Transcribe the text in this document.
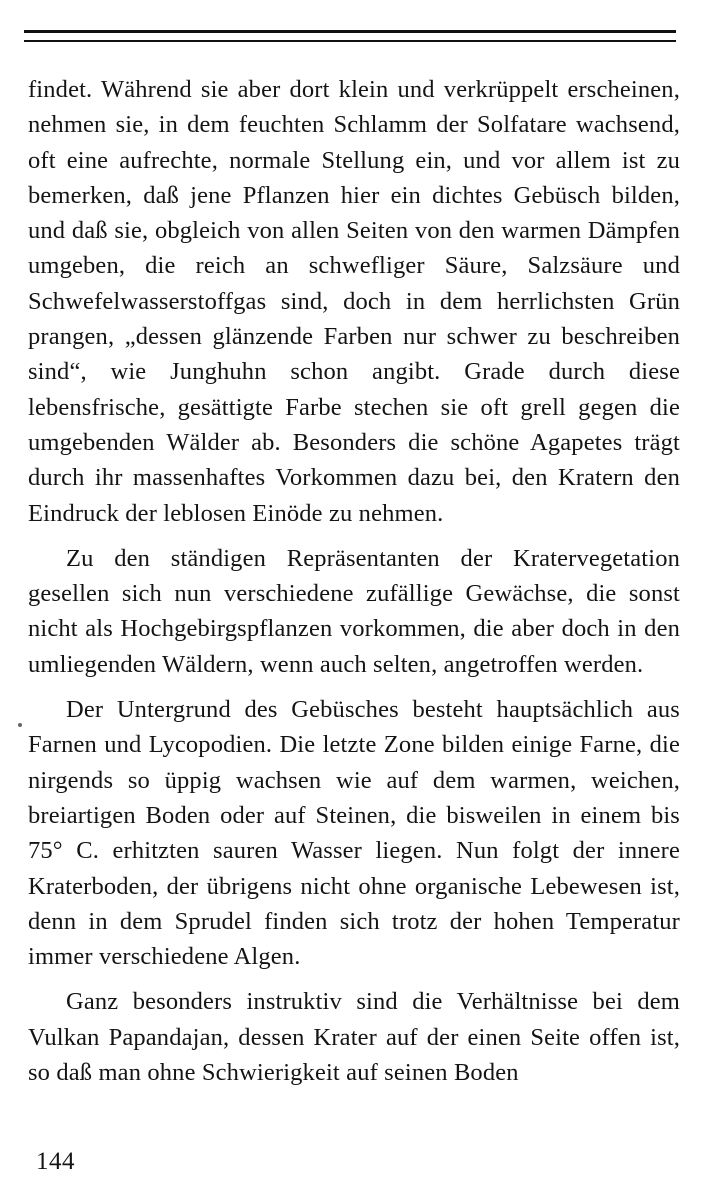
findet. Während sie aber dort klein und verkrüppelt erscheinen, nehmen sie, in dem feuchten Schlamm der Solfatare wachsend, oft eine aufrechte, normale Stellung ein, und vor allem ist zu bemerken, daß jene Pflanzen hier ein dichtes Gebüsch bilden, und daß sie, obgleich von allen Seiten von den warmen Dämpfen umgeben, die reich an schwefliger Säure, Salzsäure und Schwefelwasserstoffgas sind, doch in dem herrlichsten Grün prangen, „dessen glänzende Farben nur schwer zu beschreiben sind“, wie Junghuhn schon angibt. Grade durch diese lebensfrische, gesättigte Farbe stechen sie oft grell gegen die umgebenden Wälder ab. Besonders die schöne Agapetes trägt durch ihr massenhaftes Vorkommen dazu bei, den Kratern den Eindruck der leblosen Einöde zu nehmen.

Zu den ständigen Repräsentanten der Kratervegetation gesellen sich nun verschiedene zufällige Gewächse, die sonst nicht als Hochgebirgspflanzen vorkommen, die aber doch in den umliegenden Wäldern, wenn auch selten, angetroffen werden.

Der Untergrund des Gebüsches besteht hauptsächlich aus Farnen und Lycopodien. Die letzte Zone bilden einige Farne, die nirgends so üppig wachsen wie auf dem warmen, weichen, breiartigen Boden oder auf Steinen, die bisweilen in einem bis 75° C. erhitzten sauren Wasser liegen. Nun folgt der innere Kraterboden, der übrigens nicht ohne organische Lebewesen ist, denn in dem Sprudel finden sich trotz der hohen Temperatur immer verschiedene Algen.

Ganz besonders instruktiv sind die Verhältnisse bei dem Vulkan Papandajan, dessen Krater auf der einen Seite offen ist, so daß man ohne Schwierigkeit auf seinen Boden

144
